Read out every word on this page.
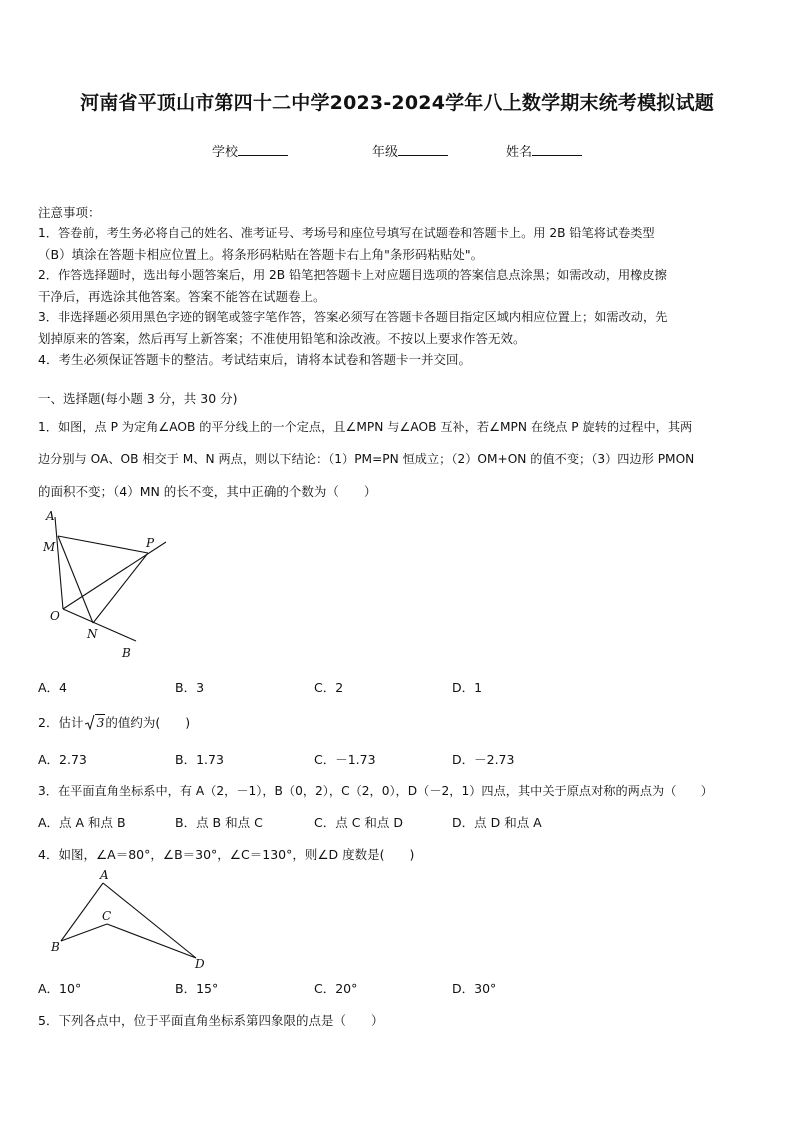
河南省平顶山市第四十二中学2023-2024学年八上数学期末统考模拟试题
学校	年级	姓名
注意事项：
1．答卷前，考生务必将自己的姓名、准考证号、考场号和座位号填写在试题卷和答题卡上。用 2B 铅笔将试卷类型
（B）填涂在答题卡相应位置上。将条形码粘贴在答题卡右上角"条形码粘贴处"。
2．作答选择题时，选出每小题答案后，用 2B 铅笔把答题卡上对应题目选项的答案信息点涂黑；如需改动，用橡皮擦
干净后，再选涂其他答案。答案不能答在试题卷上。
3．非选择题必须用黑色字迹的钢笔或签字笔作答，答案必须写在答题卡各题目指定区域内相应位置上；如需改动，先
划掉原来的答案，然后再写上新答案；不准使用铅笔和涂改液。不按以上要求作答无效。
4．考生必须保证答题卡的整洁。考试结束后，请将本试卷和答题卡一并交回。
一、选择题(每小题 3 分，共 30 分)
1．如图，点 P 为定角∠AOB 的平分线上的一个定点，且∠MPN 与∠AOB 互补，若∠MPN 在绕点 P 旋转的过程中，其两
边分别与 OA、OB 相交于 M、N 两点，则以下结论：（1）PM=PN 恒成立；（2）OM+ON 的值不变；（3）四边形 PMON
的面积不变；（4）MN 的长不变，其中正确的个数为（　　）
A
M	P
O
N
B
A．4	B．3	C．2	D．1
2．估计 3的值约为(　　)
A．2.73	B．1.73	C．－1.73	D．－2.73
3．在平面直角坐标系中，有 A（2，－1），B（0，2），C（2，0），D（－2，1）四点，其中关于原点对称的两点为（　　）
A．点 A 和点 B	B．点 B 和点 C	C．点 C 和点 D	D．点 D 和点 A
4．如图，∠A＝80°，∠B＝30°，∠C＝130°，则∠D 度数是(　　)
A
B
C
D
A．10°	B．15°	C．20°	D．30°
5．下列各点中，位于平面直角坐标系第四象限的点是（　　）
